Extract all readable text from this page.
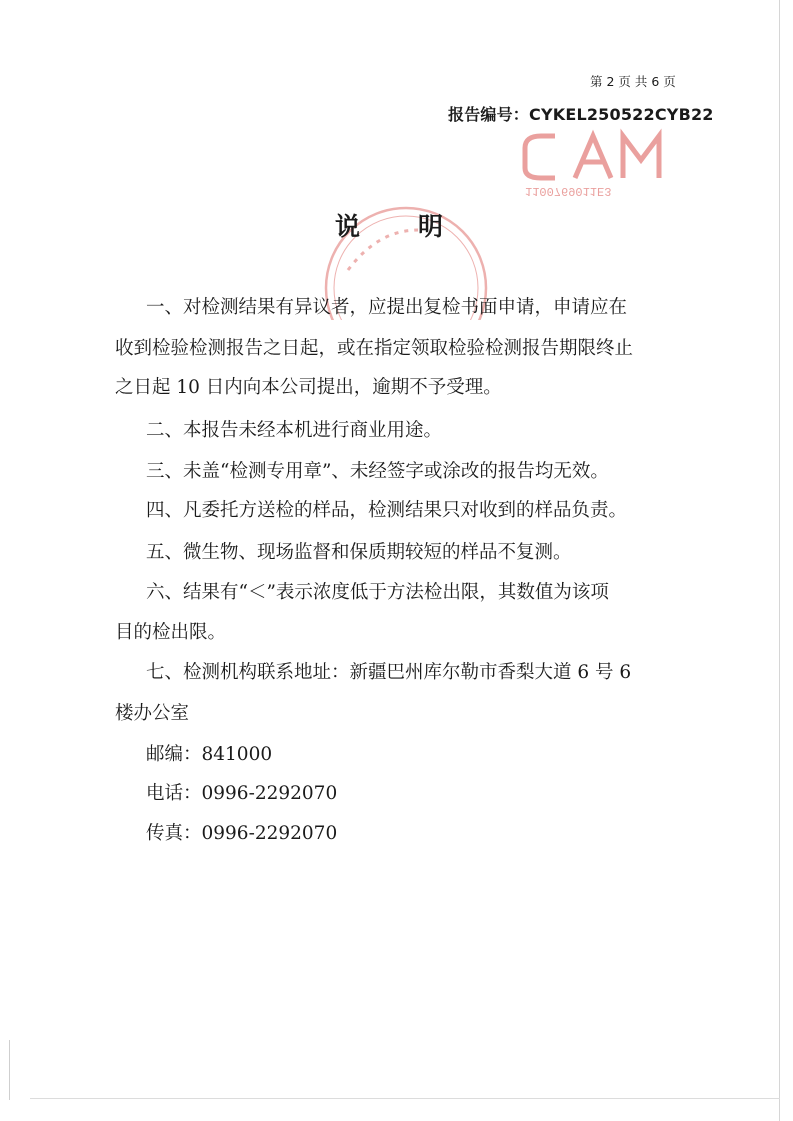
1100769011E3
第 2 页 共 6 页
报告编号：CYKEL250522CYB22
说明
一、对检测结果有异议者，应提出复检书面申请，申请应在
收到检验检测报告之日起，或在指定领取检验检测报告期限终止
之日起 10 日内向本公司提出，逾期不予受理。
二、本报告未经本机进行商业用途。
三、未盖“检测专用章”、未经签字或涂改的报告均无效。
四、凡委托方送检的样品，检测结果只对收到的样品负责。
五、微生物、现场监督和保质期较短的样品不复测。
六、结果有“＜”表示浓度低于方法检出限，其数值为该项
目的检出限。
七、检测机构联系地址：新疆巴州库尔勒市香梨大道 6 号 6
楼办公室
邮编：841000
电话：0996-2292070
传真：0996-2292070
